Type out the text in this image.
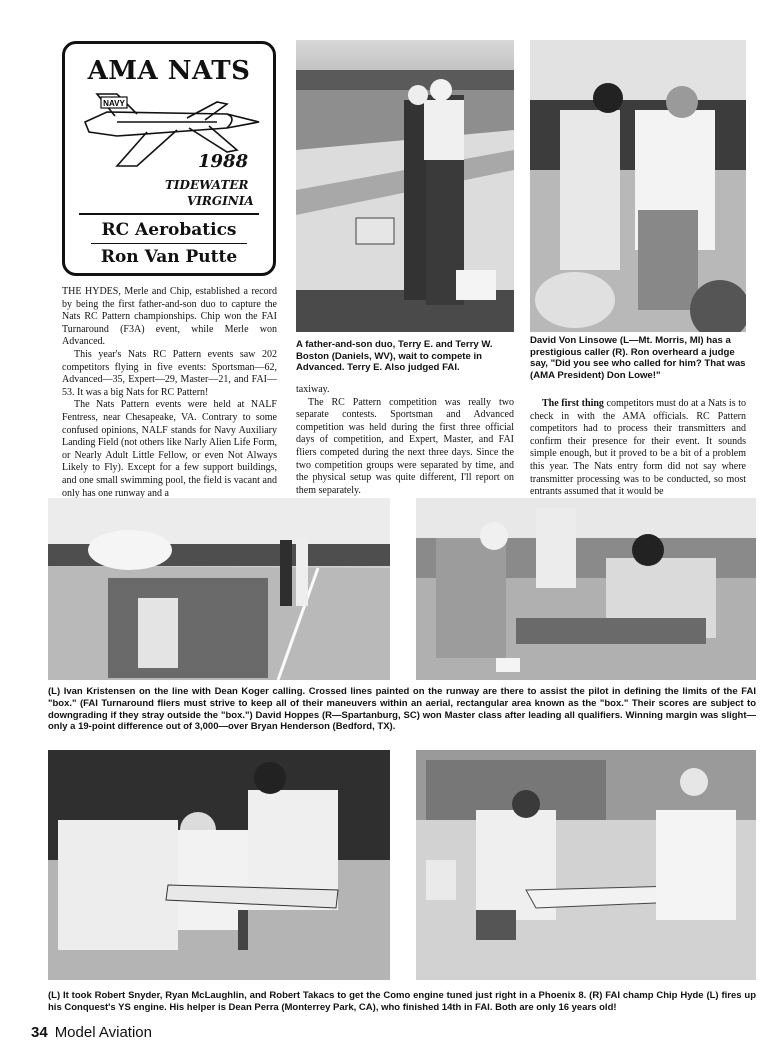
AMA NATS
NAVY
1988
TIDEWATER
VIRGINIA
RC Aerobatics
Ron Van Putte

THE HYDES, Merle and Chip, established a record by being the first father-and-son duo to capture the Nats RC Pattern championships. Chip won the FAI Turnaround (F3A) event, while Merle won Advanced.

This year's Nats RC Pattern events saw 202 competitors flying in five events: Sportsman—62, Advanced—35, Expert—29, Master—21, and FAI—53. It was a big Nats for RC Pattern!

The Nats Pattern events were held at NALF Fentress, near Chesapeake, VA. Contrary to some confused opinions, NALF stands for Navy Auxiliary Landing Field (not others like Narly Alien Life Form, or Nearly Adult Little Fellow, or even Not Always Likely to Fly). Except for a few support buildings, and one small swimming pool, the field is vacant and only has one runway and a

A father-and-son duo, Terry E. and Terry W. Boston (Daniels, WV), wait to compete in Advanced. Terry E. Also judged FAI.

taxiway.

The RC Pattern competition was really two separate contests. Sportsman and Advanced competition was held during the first three official days of competition, and Expert, Master, and FAI fliers competed during the next three days. Since the two competition groups were separated by time, and the physical setup was quite different, I'll report on them separately.

David Von Linsowe (L—Mt. Morris, MI) has a prestigious caller (R). Ron overheard a judge say, "Did you see who called for him? That was (AMA President) Don Lowe!"

The first thing competitors must do at a Nats is to check in with the AMA officials. RC Pattern competitors had to process their transmitters and confirm their presence for their event. It sounds simple enough, but it proved to be a bit of a problem this year. The Nats entry form did not say where transmitter processing was to be conducted, so most entrants assumed that it would be

(L) Ivan Kristensen on the line with Dean Koger calling. Crossed lines painted on the runway are there to assist the pilot in defining the limits of the FAI "box." (FAI Turnaround fliers must strive to keep all of their maneuvers within an aerial, rectangular area known as the "box." Their scores are subject to downgrading if they stray outside the "box.") David Hoppes (R—Spartanburg, SC) won Master class after leading all qualifiers. Winning margin was slight—only a 19-point difference out of 3,000—over Bryan Henderson (Bedford, TX).
(L) It took Robert Snyder, Ryan McLaughlin, and Robert Takacs to get the Como engine tuned just right in a Phoenix 8. (R) FAI champ Chip Hyde (L) fires up his Conquest's YS engine. His helper is Dean Perra (Monterrey Park, CA), who finished 14th in FAI. Both are only 16 years old!
34 Model Aviation
